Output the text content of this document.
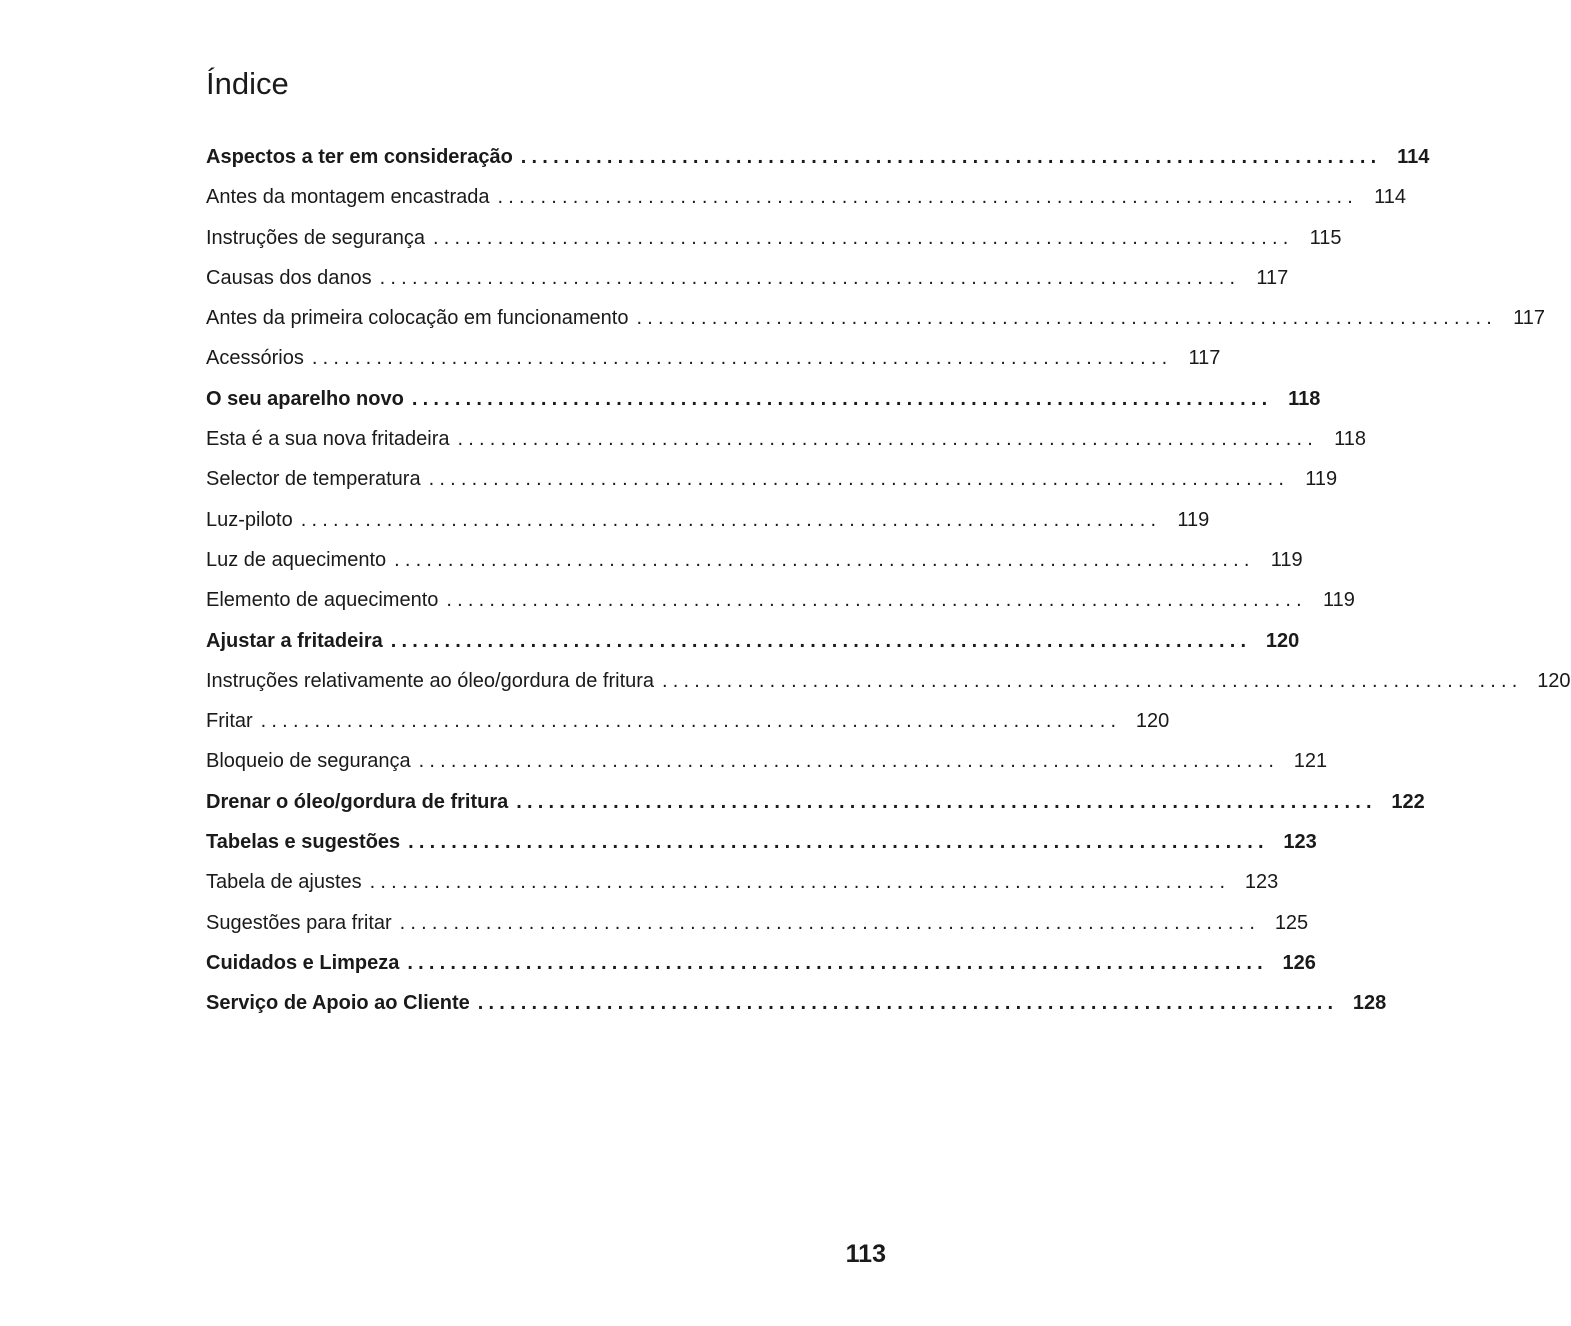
Índice
Aspectos a ter em consideração ................................................................................ 114
Antes da montagem encastrada ................................................................................ 114
Instruções de segurança ................................................................................ 115
Causas dos danos ................................................................................ 117
Antes da primeira colocação em funcionamento ................................................................................ 117
Acessórios ................................................................................ 117
O seu aparelho novo ................................................................................ 118
Esta é a sua nova fritadeira ................................................................................ 118
Selector de temperatura ................................................................................ 119
Luz-piloto ................................................................................ 119
Luz de aquecimento ................................................................................ 119
Elemento de aquecimento ................................................................................ 119
Ajustar a fritadeira ................................................................................ 120
Instruções relativamente ao óleo/gordura de fritura ................................................................................ 120
Fritar ................................................................................ 120
Bloqueio de segurança ................................................................................ 121
Drenar o óleo/gordura de fritura ................................................................................ 122
Tabelas e sugestões ................................................................................ 123
Tabela de ajustes ................................................................................ 123
Sugestões para fritar ................................................................................ 125
Cuidados e Limpeza ................................................................................ 126
Serviço de Apoio ao Cliente ................................................................................ 128
113
